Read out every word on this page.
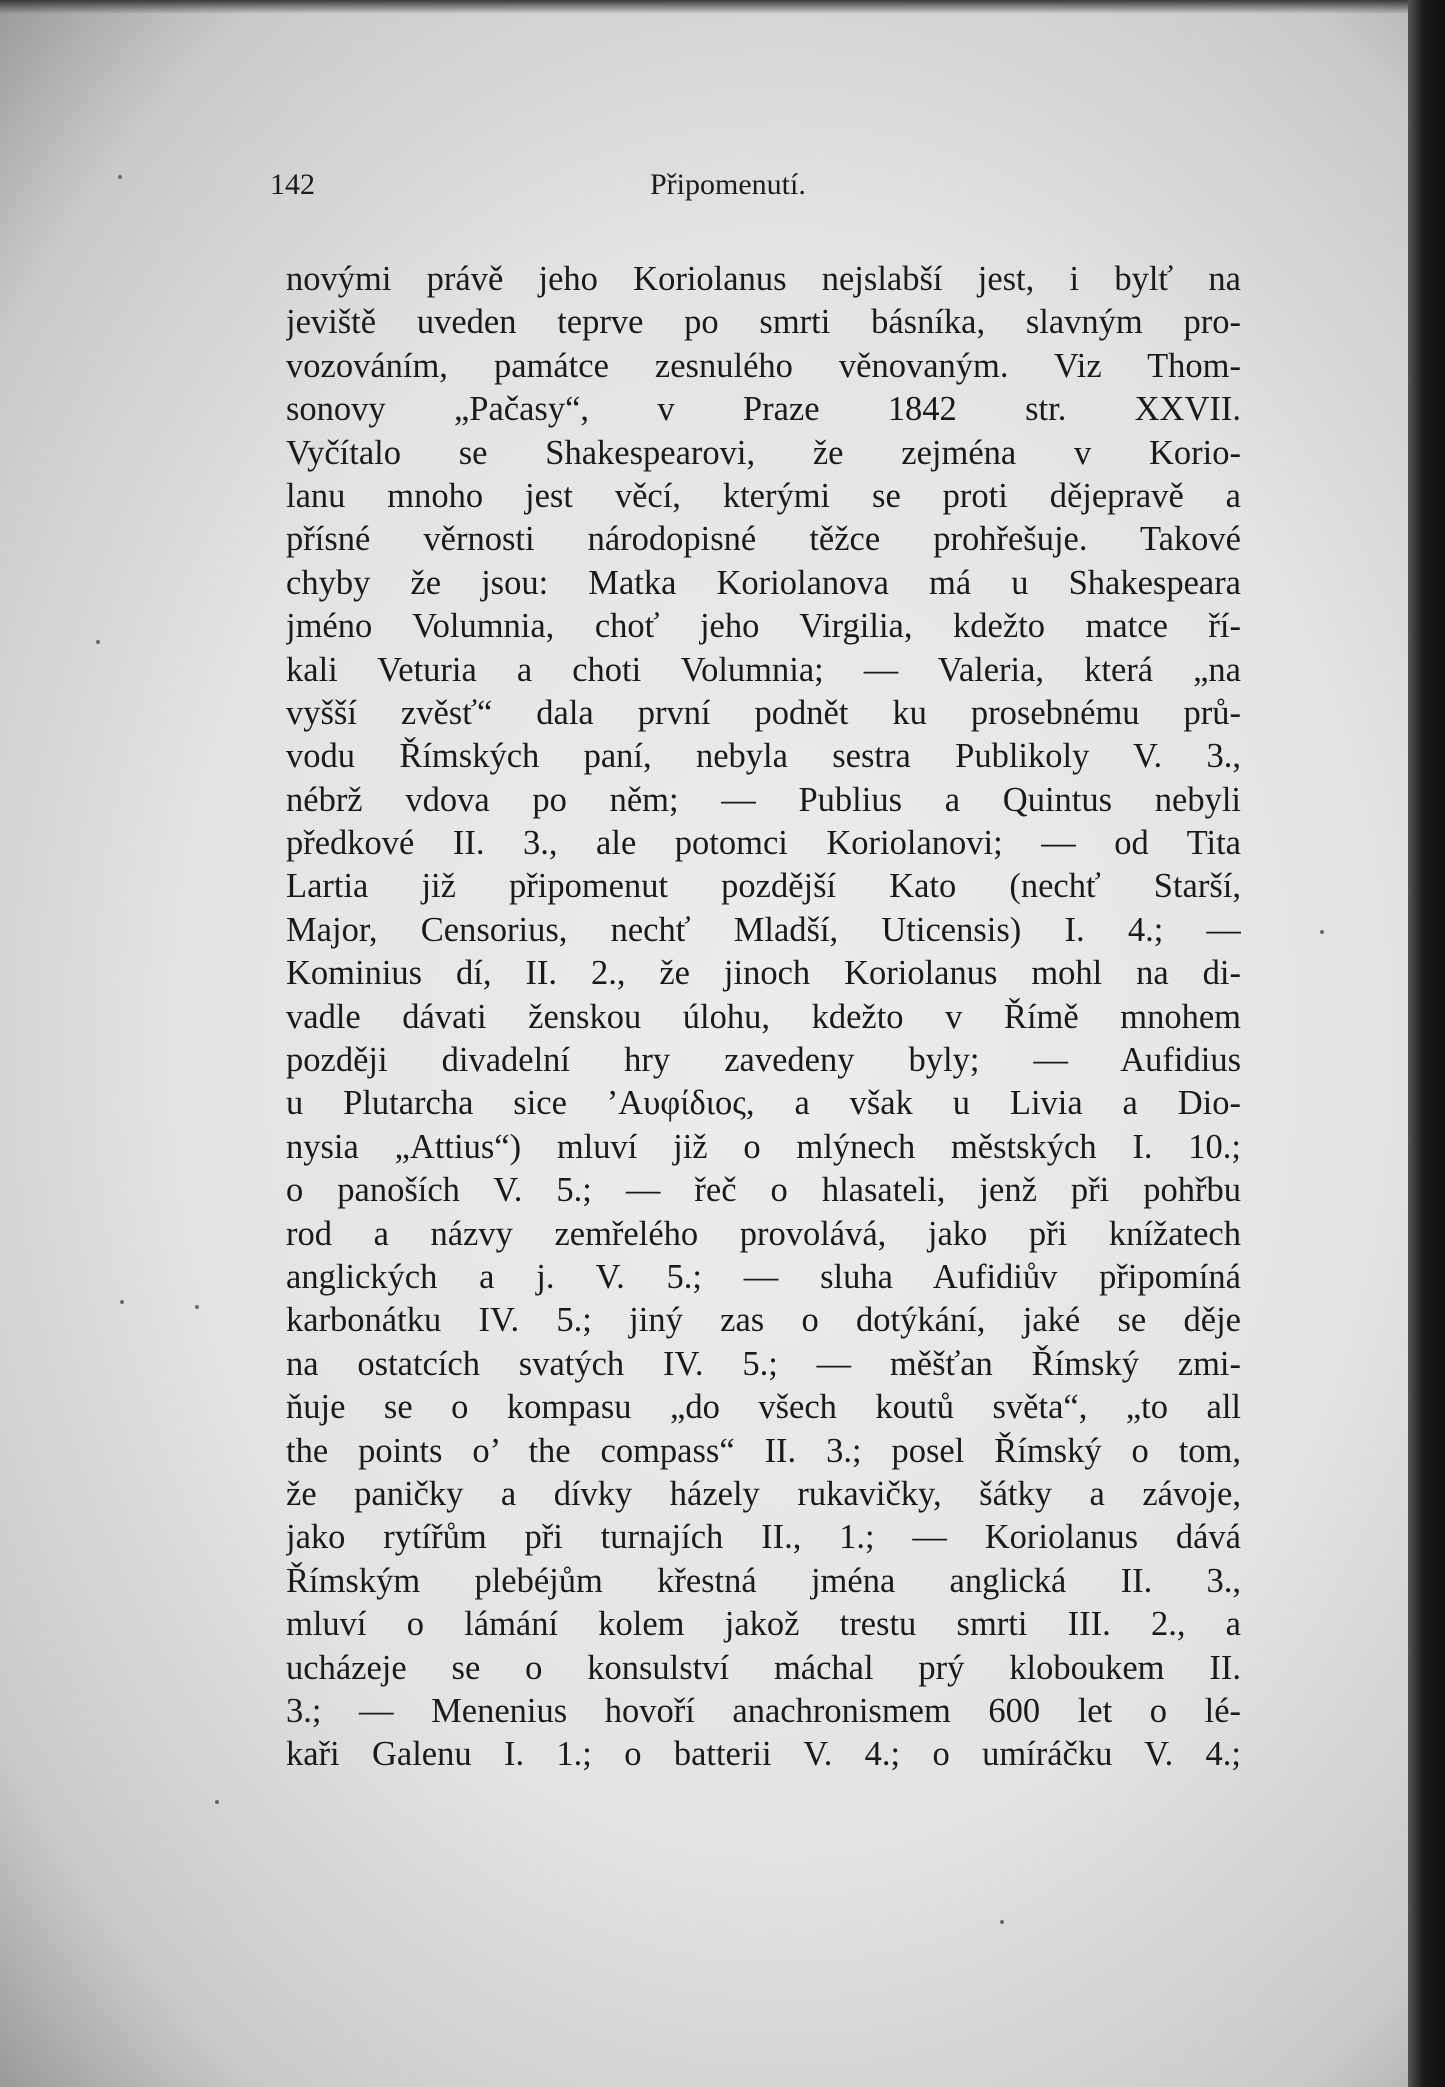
142	Připomenutí.
novými právě jeho Koriolanus nejslabší jest, i bylť na
jeviště uveden teprve po smrti básníka, slavným pro-
vozováním, památce zesnulého věnovaným. Viz Thom-
sonovy „Pačasy“, v Praze 1842 str. XXVII.
Vyčítalo se Shakespearovi, že zejména v Korio-
lanu mnoho jest věcí, kterými se proti dějepravě a
přísné věrnosti národopisné těžce prohřešuje. Takové
chyby že jsou: Matka Koriolanova má u Shakespeara
jméno Volumnia, choť jeho Virgilia, kdežto matce ří-
kali Veturia a choti Volumnia; — Valeria, která „na
vyšší zvěsť“ dala první podnět ku prosebnému prů-
vodu Římských paní, nebyla sestra Publikoly V. 3.,
nébrž vdova po něm; — Publius a Quintus nebyli
předkové II. 3., ale potomci Koriolanovi; — od Tita
Lartia již připomenut pozdější Kato (nechť Starší,
Major, Censorius, nechť Mladší, Uticensis) I. 4.; —
Kominius dí, II. 2., že jinoch Koriolanus mohl na di-
vadle dávati ženskou úlohu, kdežto v Římě mnohem
později divadelní hry zavedeny byly; — Aufidius
u Plutarcha sice ’Αυφίδιος, a však u Livia a Dio-
nysia „Attius“) mluví již o mlýnech městských I. 10.;
o panoších V. 5.; — řeč o hlasateli, jenž při pohřbu
rod a názvy zemřelého provolává, jako při knížatech
anglických a j. V. 5.; — sluha Aufidiův připomíná
karbonátku IV. 5.; jiný zas o dotýkání, jaké se děje
na ostatcích svatých IV. 5.; — měšťan Římský zmi-
ňuje se o kompasu „do všech koutů světa“, „to all
the points o’ the compass“ II. 3.; posel Římský o tom,
že paničky a dívky házely rukavičky, šátky a závoje,
jako rytířům při turnajích II., 1.; — Koriolanus dává
Římským plebéjům křestná jména anglická II. 3.,
mluví o lámání kolem jakož trestu smrti III. 2., a
ucházeje se o konsulství máchal prý kloboukem II.
3.; — Menenius hovoří anachronismem 600 let o lé-
kaři Galenu I. 1.; o batterii V. 4.; o umíráčku V. 4.;
